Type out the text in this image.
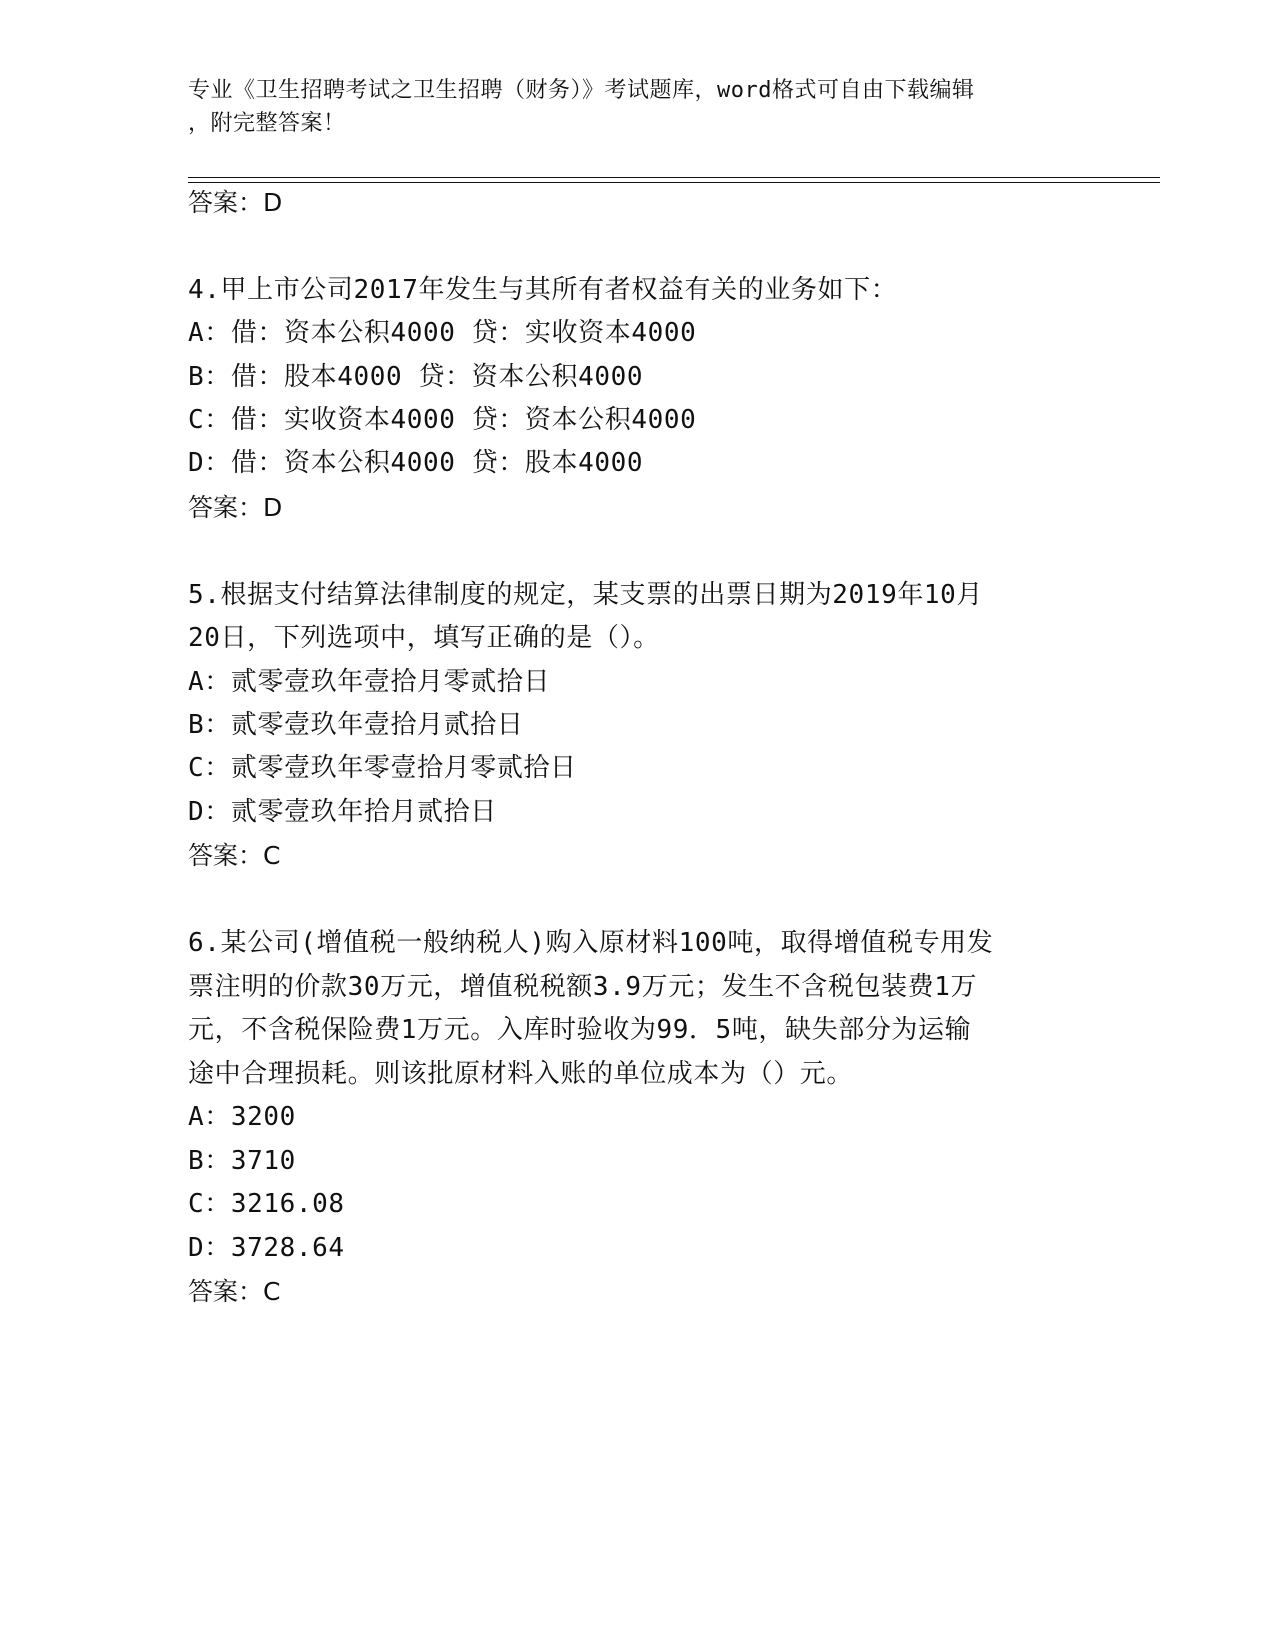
专业《卫生招聘考试之卫生招聘（财务）》考试题库，word格式可自由下载编辑
，附完整答案！
答案：D
4.甲上市公司2017年发生与其所有者权益有关的业务如下：
A：借：资本公积4000 贷：实收资本4000
B：借：股本4000 贷：资本公积4000
C：借：实收资本4000 贷：资本公积4000
D：借：资本公积4000 贷：股本4000
答案：D
5.根据支付结算法律制度的规定，某支票的出票日期为2019年10月
20日，下列选项中，填写正确的是（）。
A：贰零壹玖年壹拾月零贰拾日
B：贰零壹玖年壹拾月贰拾日
C：贰零壹玖年零壹拾月零贰拾日
D：贰零壹玖年拾月贰拾日
答案：C
6.某公司(增值税一般纳税人)购入原材料100吨，取得增值税专用发
票注明的价款30万元，增值税税额3.9万元；发生不含税包装费1万
元，不含税保险费1万元。入库时验收为99．5吨，缺失部分为运输
途中合理损耗。则该批原材料入账的单位成本为（）元。
A：3200
B：3710
C：3216.08
D：3728.64
答案：C
